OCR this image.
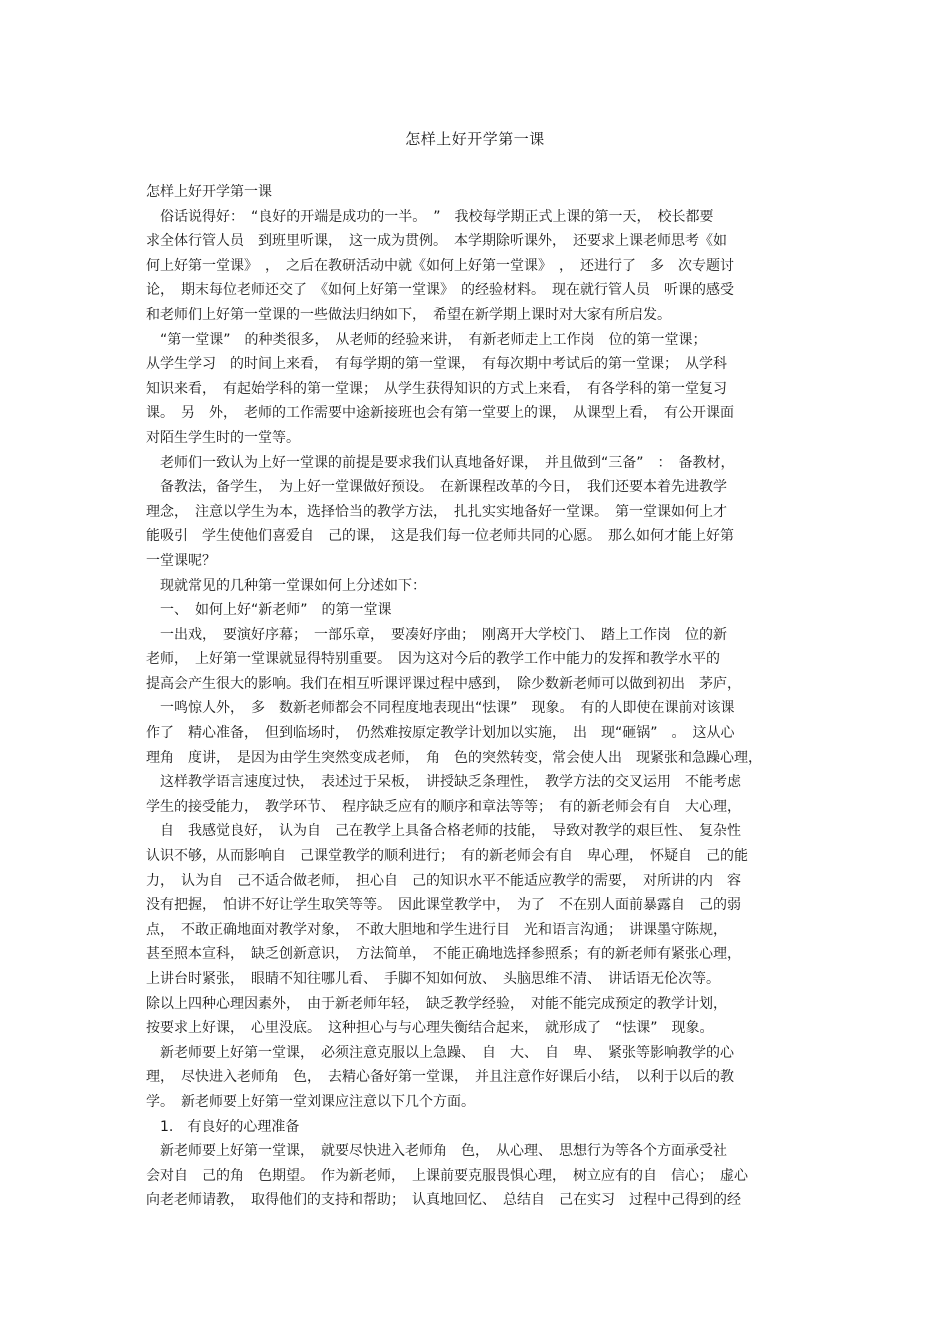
怎样上好开学第一课
怎样上好开学第一课
　俗话说得好：　“良好的开端是成功的一半。　”　我校每学期正式上课的第一天，　校长都要
求全体行管人员　到班里听课，　这一成为贯例。　本学期除听课外，　还要求上课老师思考《如
何上好第一堂课》　，　之后在教研活动中就《如何上好第一堂课》　，　还进行了　多　次专题讨
论，　期末每位老师还交了　《如何上好第一堂课》　的经验材料。　现在就行管人员　听课的感受
和老师们上好第一堂课的一些做法归纳如下，　希望在新学期上课时对大家有所启发。
　“第一堂课”　的种类很多，　从老师的经验来讲，　有新老师走上工作岗　位的第一堂课；
从学生学习　的时间上来看，　有每学期的第一堂课，　有每次期中考试后的第一堂课；　从学科
知识来看，　有起始学科的第一堂课；　从学生获得知识的方式上来看，　有各学科的第一堂复习
课。　另　外，　老师的工作需要中途新接班也会有第一堂要上的课，　从课型上看，　有公开课面
对陌生学生时的一堂等。
　老师们一致认为上好一堂课的前提是要求我们认真地备好课，　并且做到“三备”　：　备教材，
　备教法，备学生，　为上好一堂课做好预设。　在新课程改革的今日，　我们还要本着先进教学
理念，　注意以学生为本，选择恰当的教学方法，　扎扎实实地备好一堂课。　第一堂课如何上才
能吸引　学生使他们喜爱自　己的课，　这是我们每一位老师共同的心愿。　那么如何才能上好第
一堂课呢？
　现就常见的几种第一堂课如何上分述如下：
　一、　如何上好“新老师”　的第一堂课
　一出戏，　要演好序幕；　一部乐章，　要凑好序曲；　刚离开大学校门、　踏上工作岗　位的新
老师，　上好第一堂课就显得特别重要。　因为这对今后的教学工作中能力的发挥和教学水平的
提高会产生很大的影响。我们在相互听课评课过程中感到，　除少数新老师可以做到初出　茅庐，
　一鸣惊人外，　多　数新老师都会不同程度地表现出“怯课”　现象。　有的人即使在课前对该课
作了　精心准备，　但到临场时，　仍然难按原定教学计划加以实施，　出　现“砸锅”　。　这从心
理角　度讲，　是因为由学生突然变成老师，　角　色的突然转变，常会使人出　现紧张和急躁心理，
　这样教学语言速度过快，　表述过于呆板，　讲授缺乏条理性，　教学方法的交叉运用　不能考虑
学生的接受能力，　教学环节、　程序缺乏应有的顺序和章法等等；　有的新老师会有自　大心理，
　自　我感觉良好，　认为自　己在教学上具备合格老师的技能，　导致对教学的艰巨性、　复杂性
认识不够，从而影响自　己课堂教学的顺利进行；　有的新老师会有自　卑心理，　怀疑自　己的能
力，　认为自　己不适合做老师，　担心自　己的知识水平不能适应教学的需要，　对所讲的内　容
没有把握，　怕讲不好让学生取笑等等。　因此课堂教学中，　为了　不在别人面前暴露自　己的弱
点，　不敢正确地面对教学对象，　不敢大胆地和学生进行目　光和语言沟通；　讲课墨守陈规，
甚至照本宣科，　缺乏创新意识，　方法简单，　不能正确地选择参照系；有的新老师有紧张心理，
上讲台时紧张，　眼睛不知往哪儿看、　手脚不知如何放、　头脑思维不清、　讲话语无伦次等。
除以上四种心理因素外，　由于新老师年轻，　缺乏教学经验，　对能不能完成预定的教学计划，
按要求上好课，　心里没底。　这种担心与与心理失衡结合起来，　就形成了　“怯课”　现象。
　新老师要上好第一堂课，　必须注意克服以上急躁、　自　大、　自　卑、　紧张等影响教学的心
理，　尽快进入老师角　色，　去精心备好第一堂课，　并且注意作好课后小结，　以利于以后的教
学。　新老师要上好第一堂刘课应注意以下几个方面。
　1.　有良好的心理准备
　新老师要上好第一堂课，　就要尽快进入老师角　色，　从心理、　思想行为等各个方面承受社
会对自　己的角　色期望。　作为新老师，　上课前要克服畏惧心理，　树立应有的自　信心；　虚心
向老老师请教，　取得他们的支持和帮助；　认真地回忆、　总结自　己在实习　过程中己得到的经
